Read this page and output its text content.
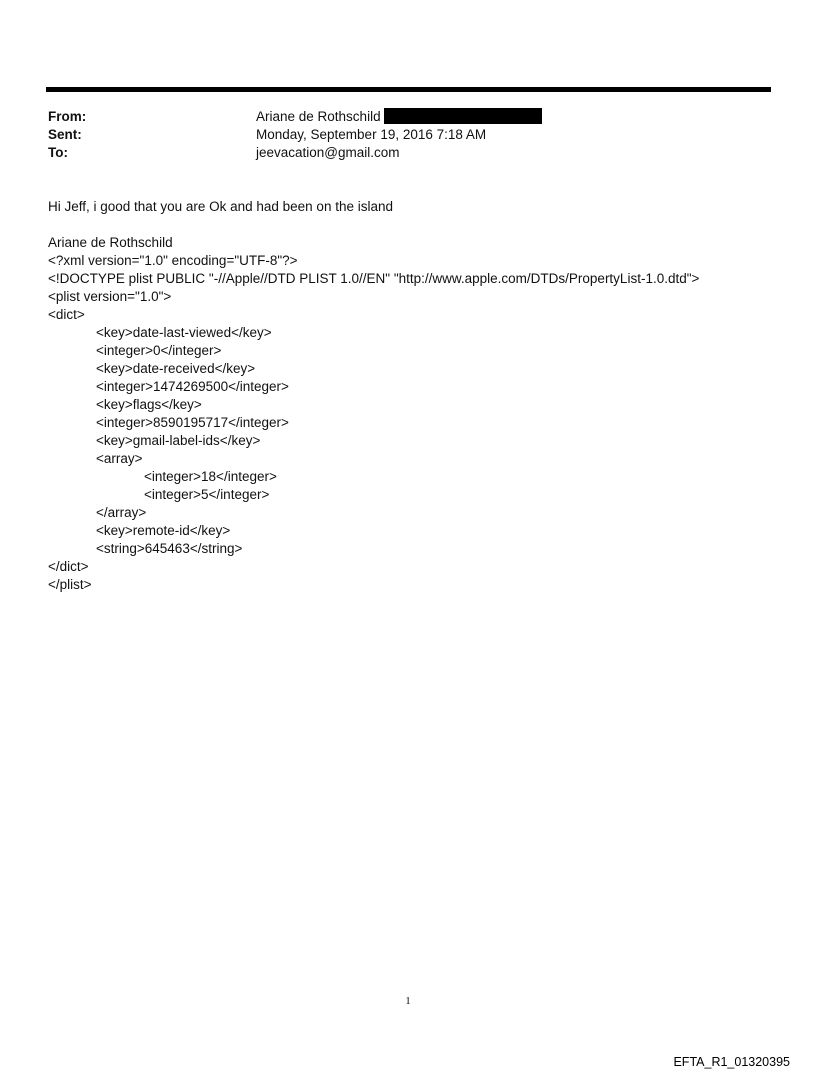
From:	Ariane de Rothschild
Sent:	Monday, September 19, 2016 7:18 AM
To:	jeevacation@gmail.com

Hi Jeff, i good that you are Ok and had been on the island

Ariane de Rothschild

<?xml version="1.0" encoding="UTF-8"?>

<!DOCTYPE plist PUBLIC "-//Apple//DTD PLIST 1.0//EN" "http://www.apple.com/DTDs/PropertyList-1.0.dtd">

<plist version="1.0">

<dict>

<key>date-last-viewed</key>

<integer>0</integer>

<key>date-received</key>

<integer>1474269500</integer>

<key>flags</key>

<integer>8590195717</integer>

<key>gmail-label-ids</key>

<array>

<integer>18</integer>

<integer>5</integer>

</array>

<key>remote-id</key>

<string>645463</string>

</dict>

</plist>

1
EFTA_R1_01320395
